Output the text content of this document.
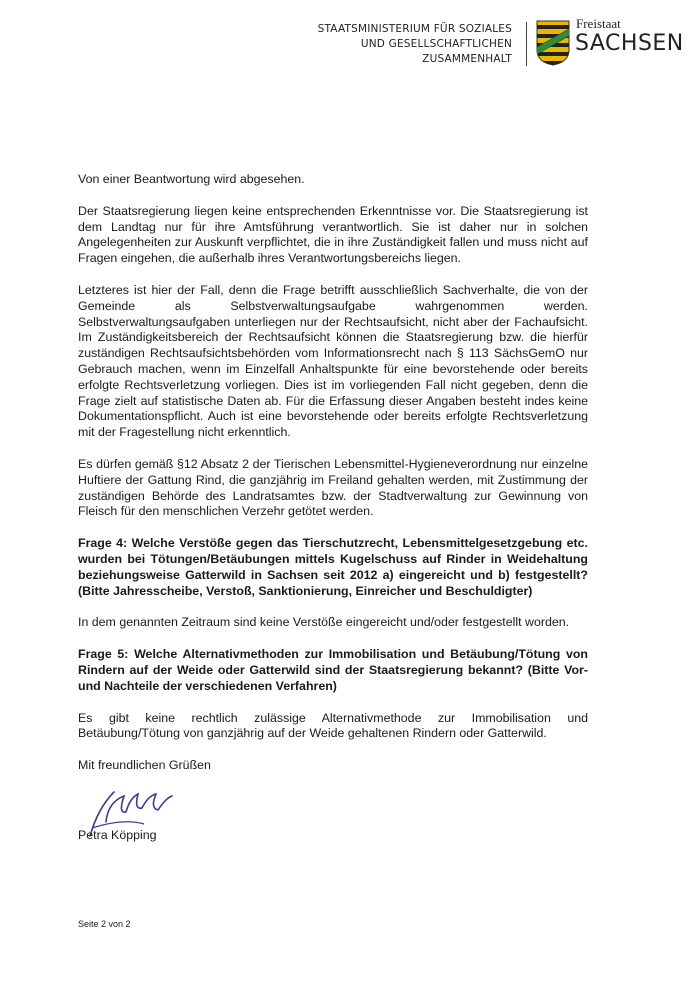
STAATSMINISTERIUM FÜR SOZIALES
UND GESELLSCHAFTLICHEN
ZUSAMMENHALT
Freistaat
SACHSEN

Von einer Beantwortung wird abgesehen.

Der Staatsregierung liegen keine entsprechenden Erkenntnisse vor. Die Staatsregierung ist dem Landtag nur für ihre Amtsführung verantwortlich. Sie ist daher nur in solchen Angelegenheiten zur Auskunft verpflichtet, die in ihre Zuständigkeit fallen und muss nicht auf Fragen eingehen, die außerhalb ihres Verantwortungsbereichs liegen.

Letzteres ist hier der Fall, denn die Frage betrifft ausschließlich Sachverhalte, die von der Gemeinde als Selbstverwaltungsaufgabe wahrgenommen werden. Selbstverwaltungsaufgaben unterliegen nur der Rechtsaufsicht, nicht aber der Fachaufsicht. Im Zuständigkeitsbereich der Rechtsaufsicht können die Staatsregierung bzw. die hierfür zuständigen Rechtsaufsichtsbehörden vom Informationsrecht nach § 113 SächsGemO nur Gebrauch machen, wenn im Einzelfall Anhaltspunkte für eine bevorstehende oder bereits erfolgte Rechtsverletzung vorliegen. Dies ist im vorliegenden Fall nicht gegeben, denn die Frage zielt auf statistische Daten ab. Für die Erfassung dieser Angaben besteht indes keine Dokumentationspflicht. Auch ist eine bevorstehende oder bereits erfolgte Rechtsverletzung mit der Fragestellung nicht erkenntlich.

Es dürfen gemäß §12 Absatz 2 der Tierischen Lebensmittel-Hygieneverordnung nur einzelne Huftiere der Gattung Rind, die ganzjährig im Freiland gehalten werden, mit Zustimmung der zuständigen Behörde des Landratsamtes bzw. der Stadtverwaltung zur Gewinnung von Fleisch für den menschlichen Verzehr getötet werden.

Frage 4: Welche Verstöße gegen das Tierschutzrecht, Lebensmittelgesetzgebung etc. wurden bei Tötungen/Betäubungen mittels Kugelschuss auf Rinder in Weidehaltung beziehungsweise Gatterwild in Sachsen seit 2012 a) eingereicht und b) festgestellt? (Bitte Jahresscheibe, Verstoß, Sanktionierung, Einreicher und Beschuldigter)

In dem genannten Zeitraum sind keine Verstöße eingereicht und/oder festgestellt worden.

Frage 5: Welche Alternativmethoden zur Immobilisation und Betäubung/Tötung von Rindern auf der Weide oder Gatterwild sind der Staatsregierung bekannt? (Bitte Vor-und Nachteile der verschiedenen Verfahren)

Es gibt keine rechtlich zulässige Alternativmethode zur Immobilisation und Betäubung/Tötung von ganzjährig auf der Weide gehaltenen Rindern oder Gatterwild.

Mit freundlichen Grüßen

Petra Köpping
Seite 2 von 2
